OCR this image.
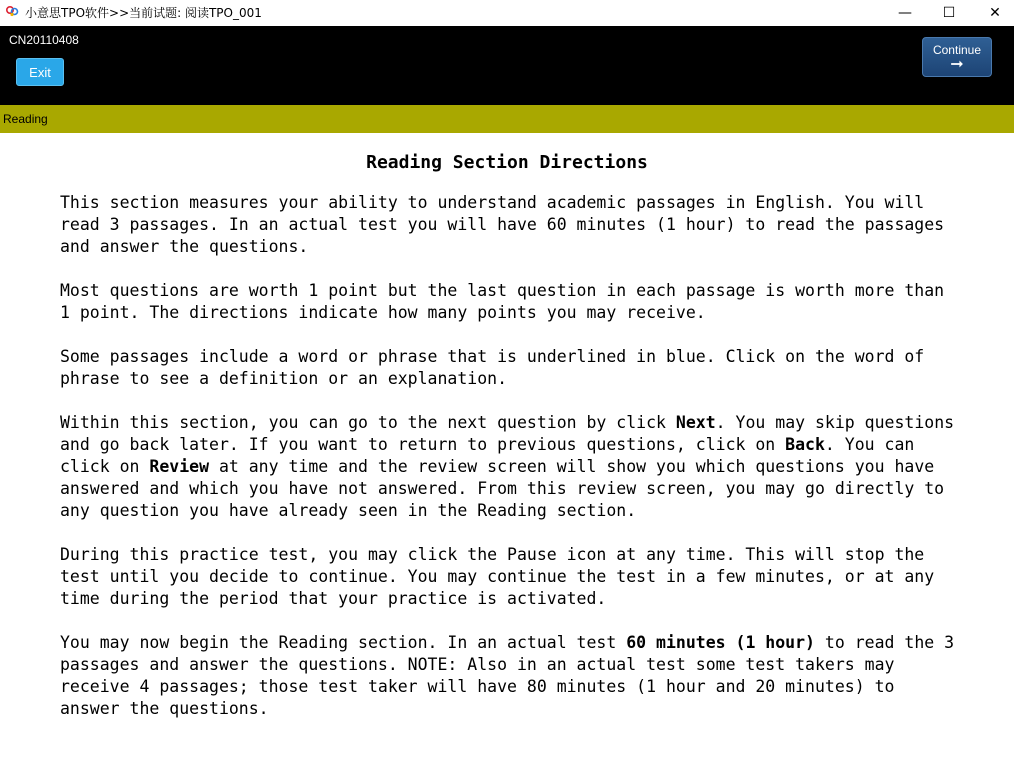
小意思TPO软件>>当前试题: 阅读TPO_001	— ☐ ✕
CN20110408
Exit
Continue
➞
Reading
Reading Section Directions

This section measures your ability to understand academic passages in English. You will read 3 passages. In an actual test you will have 60 minutes (1 hour) to read the passages and answer the questions.

Most questions are worth 1 point but the last question in each passage is worth more than 1 point. The directions indicate how many points you may receive.

Some passages include a word or phrase that is underlined in blue. Click on the word of phrase to see a definition or an explanation.

Within this section, you can go to the next question by click Next. You may skip questions and go back later. If you want to return to previous questions, click on Back. You can click on Review at any time and the review screen will show you which questions you have answered and which you have not answered. From this review screen, you may go directly to any question you have already seen in the Reading section.

During this practice test, you may click the Pause icon at any time. This will stop the test until you decide to continue. You may continue the test in a few minutes, or at any time during the period that your practice is activated.

You may now begin the Reading section. In an actual test 60 minutes (1 hour) to read the 3 passages and answer the questions. NOTE: Also in an actual test some test takers may receive 4 passages; those test taker will have 80 minutes (1 hour and 20 minutes) to answer the questions.
